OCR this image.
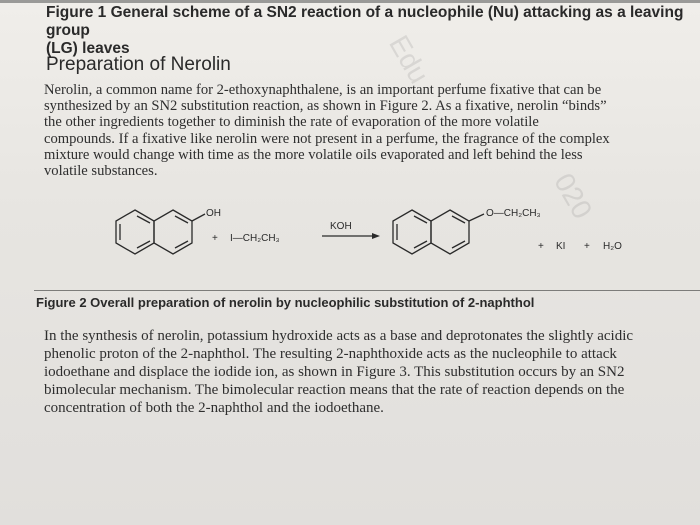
Figure 1 General scheme of a SN2 reaction of a nucleophile (Nu) attacking as a leaving group
(LG) leaves
Preparation of Nerolin
Nerolin, a common name for 2-ethoxynaphthalene, is an important perfume fixative that can be
synthesized by an SN2 substitution reaction, as shown in Figure 2. As a fixative, nerolin “binds”
the other ingredients together to diminish the rate of evaporation of the more volatile
compounds. If a fixative like nerolin were not present in a perfume, the fragrance of the complex
mixture would change with time as the more volatile oils evaporated and left behind the less
volatile substances.
OH
+ I—CH₂CH₃
KOH
O—CH₂CH₃
+ KI + H₂O
Figure 2 Overall preparation of nerolin by nucleophilic substitution of 2-naphthol
In the synthesis of nerolin, potassium hydroxide acts as a base and deprotonates the slightly acidic
phenolic proton of the 2-naphthol. The resulting 2-naphthoxide acts as the nucleophile to attack
iodoethane and displace the iodide ion, as shown in Figure 3. This substitution occurs by an SN2
bimolecular mechanism. The bimolecular reaction means that the rate of reaction depends on the
concentration of both the 2-naphthol and the iodoethane.
Edu
020
